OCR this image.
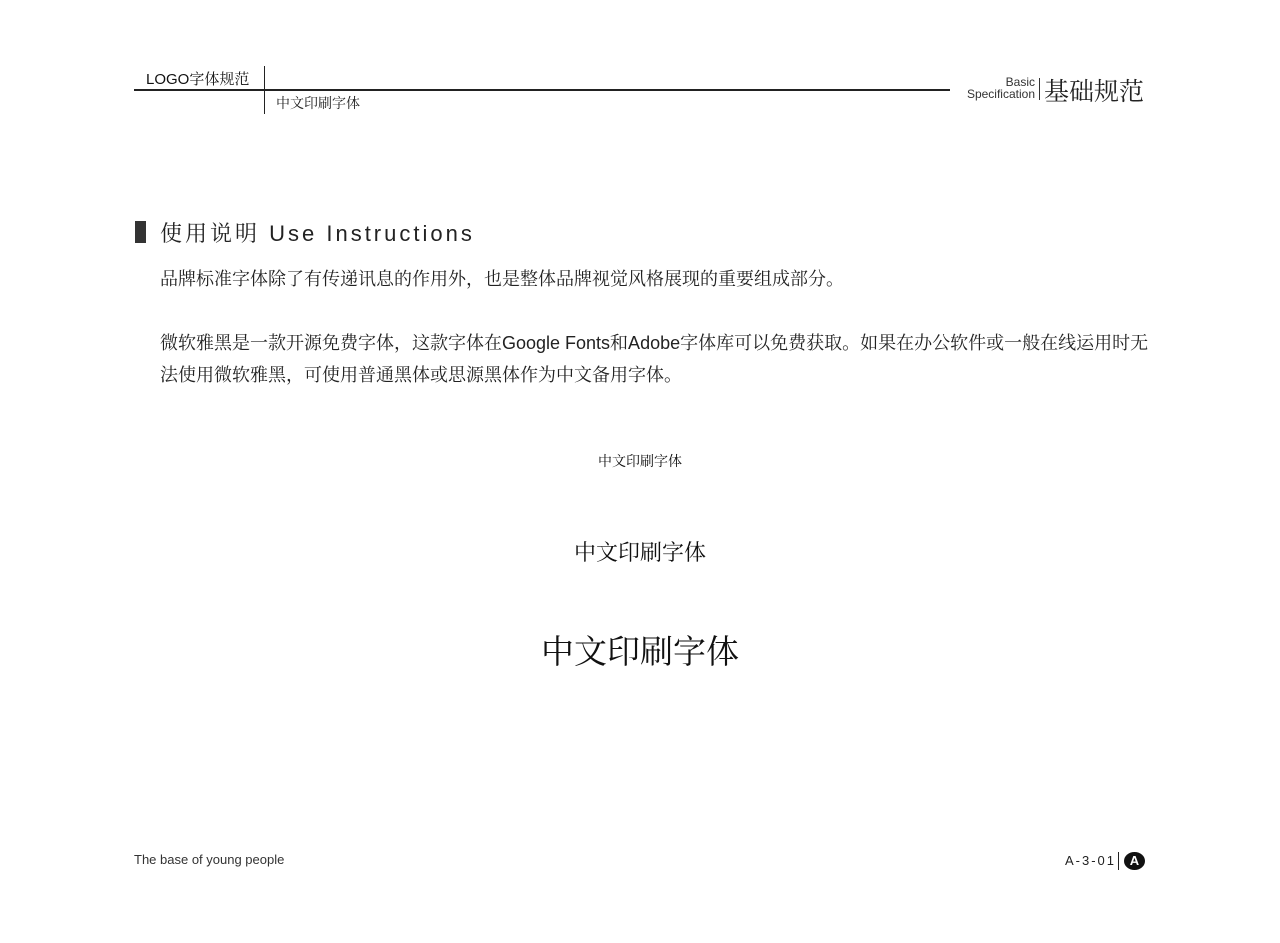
LOGO字体规范
中文印刷字体
Basic
Specification 基础规范
使用说明 Use Instructions
品牌标准字体除了有传递讯息的作用外，也是整体品牌视觉风格展现的重要组成部分。
微软雅黑是一款开源免费字体，这款字体在Google Fonts和Adobe字体库可以免费获取。如果在办公软件或一般在线运用时无法使用微软雅黑，可使用普通黑体或思源黑体作为中文备用字体。
中文印刷字体
中文印刷字体
中文印刷字体
The base of young people	A-3-01	A
